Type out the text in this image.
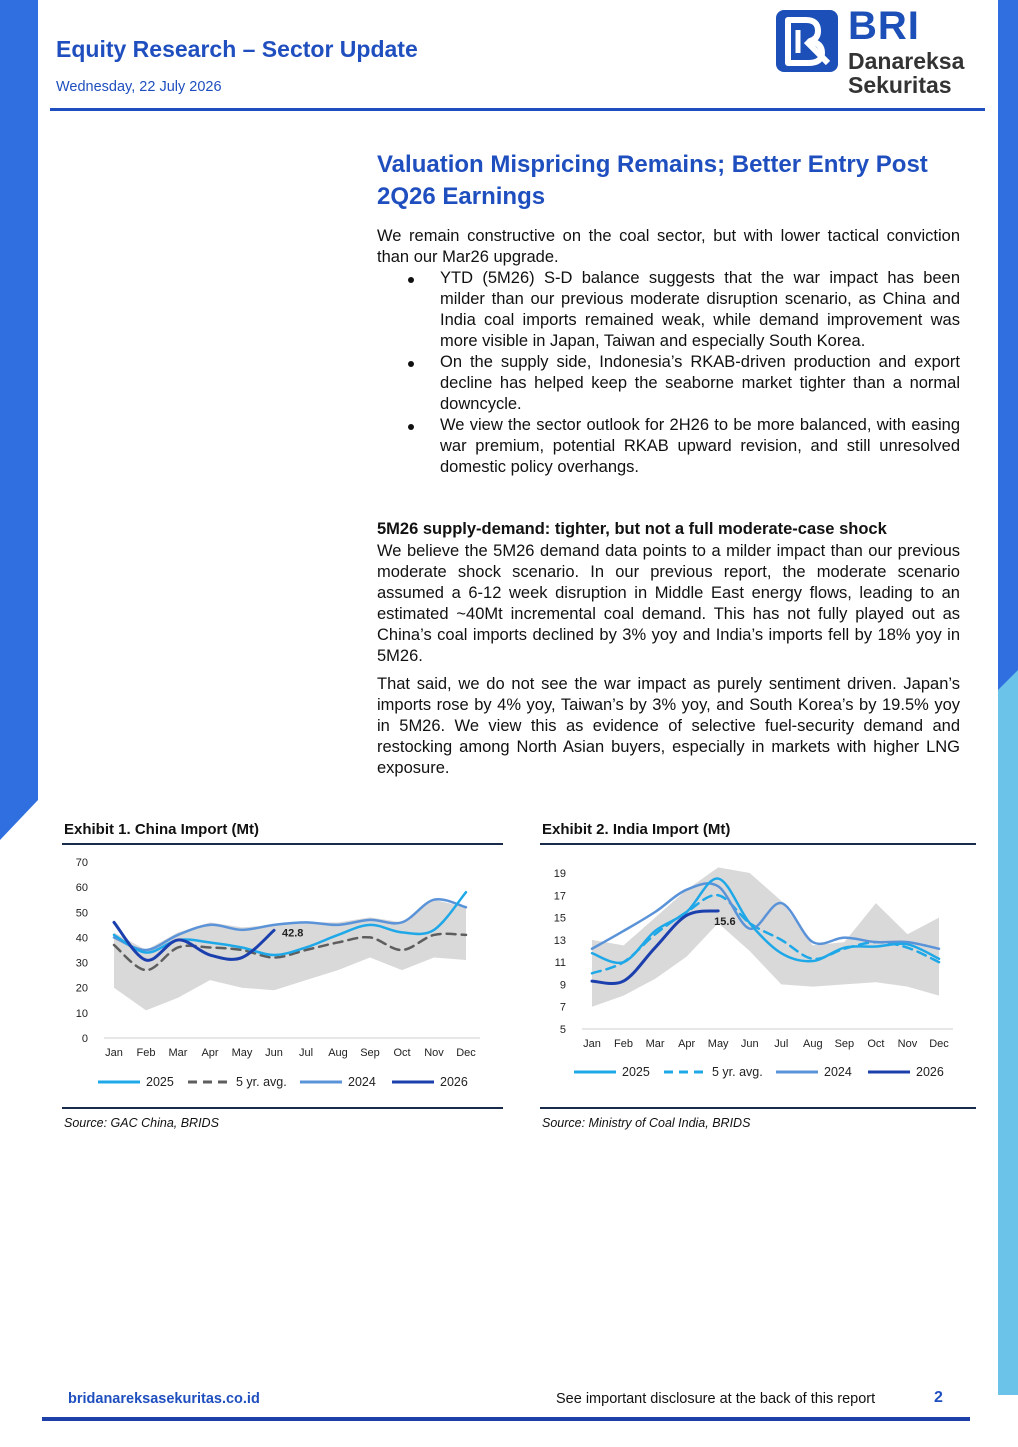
Equity Research – Sector Update
Wednesday, 22 July 2026
BRI
Danareksa
Sekuritas
Valuation Mispricing Remains; Better Entry Post 2Q26 Earnings
We remain constructive on the coal sector, but with lower tactical conviction than our Mar26 upgrade.
YTD (5M26) S-D balance suggests that the war impact has been milder than our previous moderate disruption scenario, as China and India coal imports remained weak, while demand improvement was more visible in Japan, Taiwan and especially South Korea.
On the supply side, Indonesia’s RKAB-driven production and export decline has helped keep the seaborne market tighter than a normal downcycle.
We view the sector outlook for 2H26 to be more balanced, with easing war premium, potential RKAB upward revision, and still unresolved domestic policy overhangs.
5M26 supply-demand: tighter, but not a full moderate-case shock
We believe the 5M26 demand data points to a milder impact than our previous moderate shock scenario. In our previous report, the moderate scenario assumed a 6-12 week disruption in Middle East energy flows, leading to an estimated ~40Mt incremental coal demand. This has not fully played out as China’s coal imports declined by 3% yoy and India’s imports fell by 18% yoy in 5M26.
That said, we do not see the war impact as purely sentiment driven. Japan’s imports rose by 4% yoy, Taiwan’s by 3% yoy, and South Korea’s by 19.5% yoy in 5M26. We view this as evidence of selective fuel-security demand and restocking among North Asian buyers, especially in markets with higher LNG exposure.
Exhibit 1. China Import (Mt)
0
10
20
30
40
50
60
70
Jan Feb Mar Apr May Jun Jul Aug Sep Oct Nov Dec
42.8
2025	5 yr. avg.	2024	2026
Source: GAC China, BRIDS
Exhibit 2. India Import (Mt)
5
7
9
11
13
15
17
19
Jan Feb Mar Apr May Jun Jul Aug Sep Oct Nov Dec
15.6
2025	5 yr. avg.	2024	2026
Source: Ministry of Coal India, BRIDS
bridanareksasekuritas.co.id	See important disclosure at the back of this report	2
